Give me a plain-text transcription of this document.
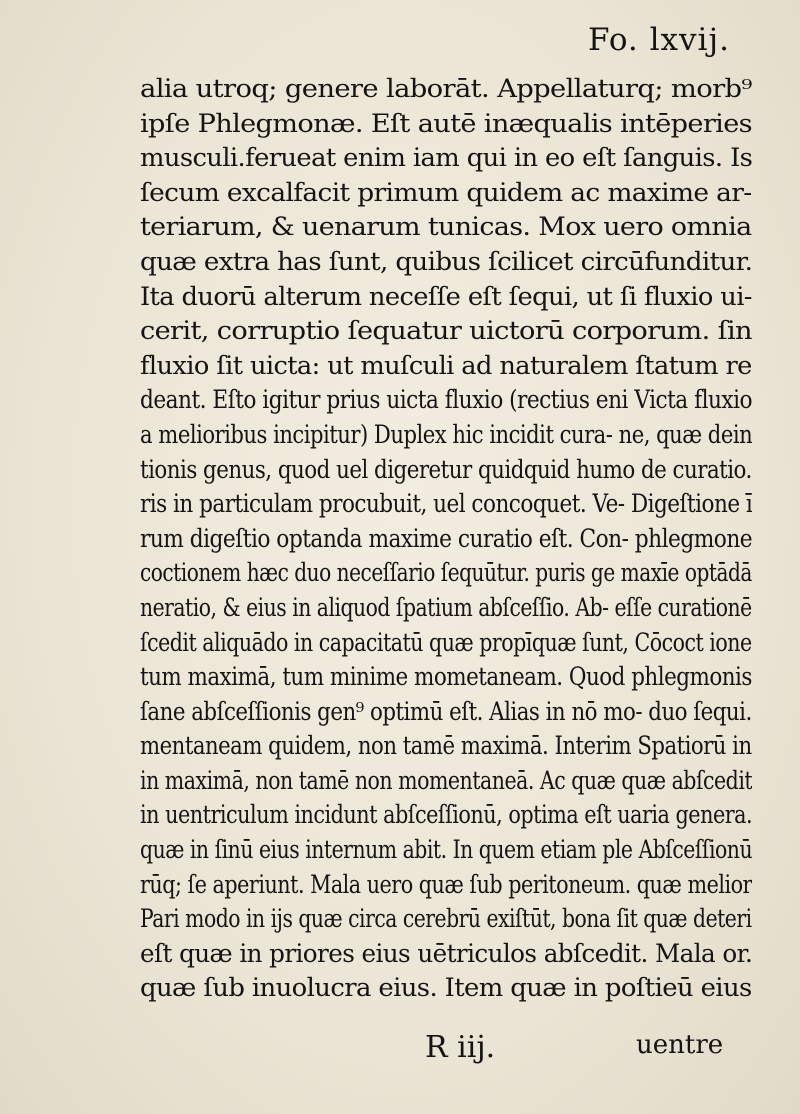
Fo. lxvij.
alia utroq; genere laborāt. Appellaturq; morb⁹
ipſe Phlegmonæ. Eſt autē inæqualis intēperies
musculi.ferueat enim iam qui in eo eſt ſanguis. Is
ſecum excalfacit primum quidem ac maxime ar-
teriarum, & uenarum tunicas. Mox uero omnia
quæ extra has ſunt, quibus ſcilicet circūfunditur.
Ita duorū alterum neceſſe eſt ſequi, ut ſi fluxio ui-
cerit, corruptio ſequatur uictorū corporum. ſin
fluxio ſit uicta: ut muſculi ad naturalem ſtatum re
deant. Eſto igitur prius uicta fluxio (rectius eni Victa fluxio
a melioribus incipitur) Duplex hic incidit cura- ne, quæ dein
tionis genus, quod uel digeretur quidquid humo de curatio.
ris in particulam procubuit, uel concoquet. Ve- Digeſtione ī
rum digeſtio optanda maxime curatio eſt. Con- phlegmone
coctionem hæc duo neceſſario ſequūtur. puris ge maxīe optādā
neratio, & eius in aliquod ſpatium abſceſſio. Ab- eſſe curationē
ſcedit aliquādo in capacitatū quæ propīquæ ſunt, Cōcoct ione
tum maximā, tum minime mometaneam. Quod phlegmonis
ſane abſceſſionis gen⁹ optimū eſt. Alias in nō mo- duo ſequi.
mentaneam quidem, non tamē maximā. Interim Spatiorū in
in maximā, non tamē non momentaneā. Ac quæ quæ abſcedit
in uentriculum incidunt abſceſſionū, optima eſt uaria genera.
quæ in ſinū eius internum abit. In quem etiam ple Abſceſſionū
rūq; ſe aperiunt. Mala uero quæ ſub peritoneum. quæ melior
Pari modo in ijs quæ circa cerebrū exiſtūt, bona ſit quæ deteri
eſt quæ in priores eius uētriculos abſcedit. Mala or.
quæ ſub inuolucra eius. Item quæ in poſtieū eius
R iij.	uentre
